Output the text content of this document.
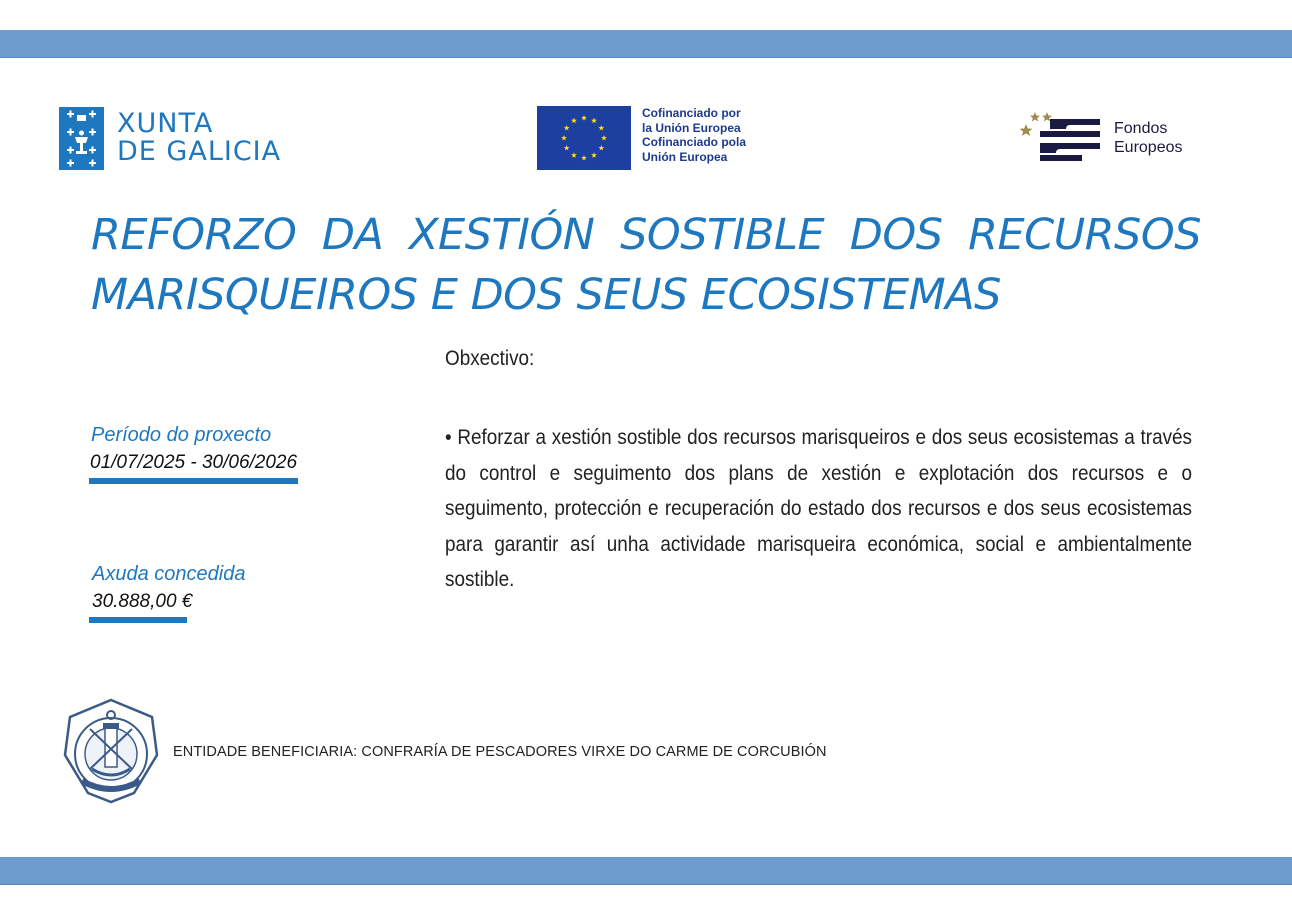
XUNTA
DE GALICIA
Cofinanciado por
la Unión Europea
Cofinanciado pola
Unión Europea
Fondos
Europeos
REFORZO DA XESTIÓN SOSTIBLE DOS RECURSOS MARISQUEIROS E DOS SEUS ECOSISTEMAS
Obxectivo:
• Reforzar a xestión sostible dos recursos marisqueiros e dos seus ecosistemas a través do control e seguimento dos plans de xestión e explotación dos recursos e o seguimento, protección e recuperación do estado dos recursos e dos seus ecosistemas para garantir así unha actividade marisqueira económica, social e ambientalmente sostible.
Período do proxecto
01/07/2025 - 30/06/2026
Axuda concedida
30.888,00 €
ENTIDADE BENEFICIARIA: CONFRARÍA DE PESCADORES VIRXE DO CARME DE CORCUBIÓN
